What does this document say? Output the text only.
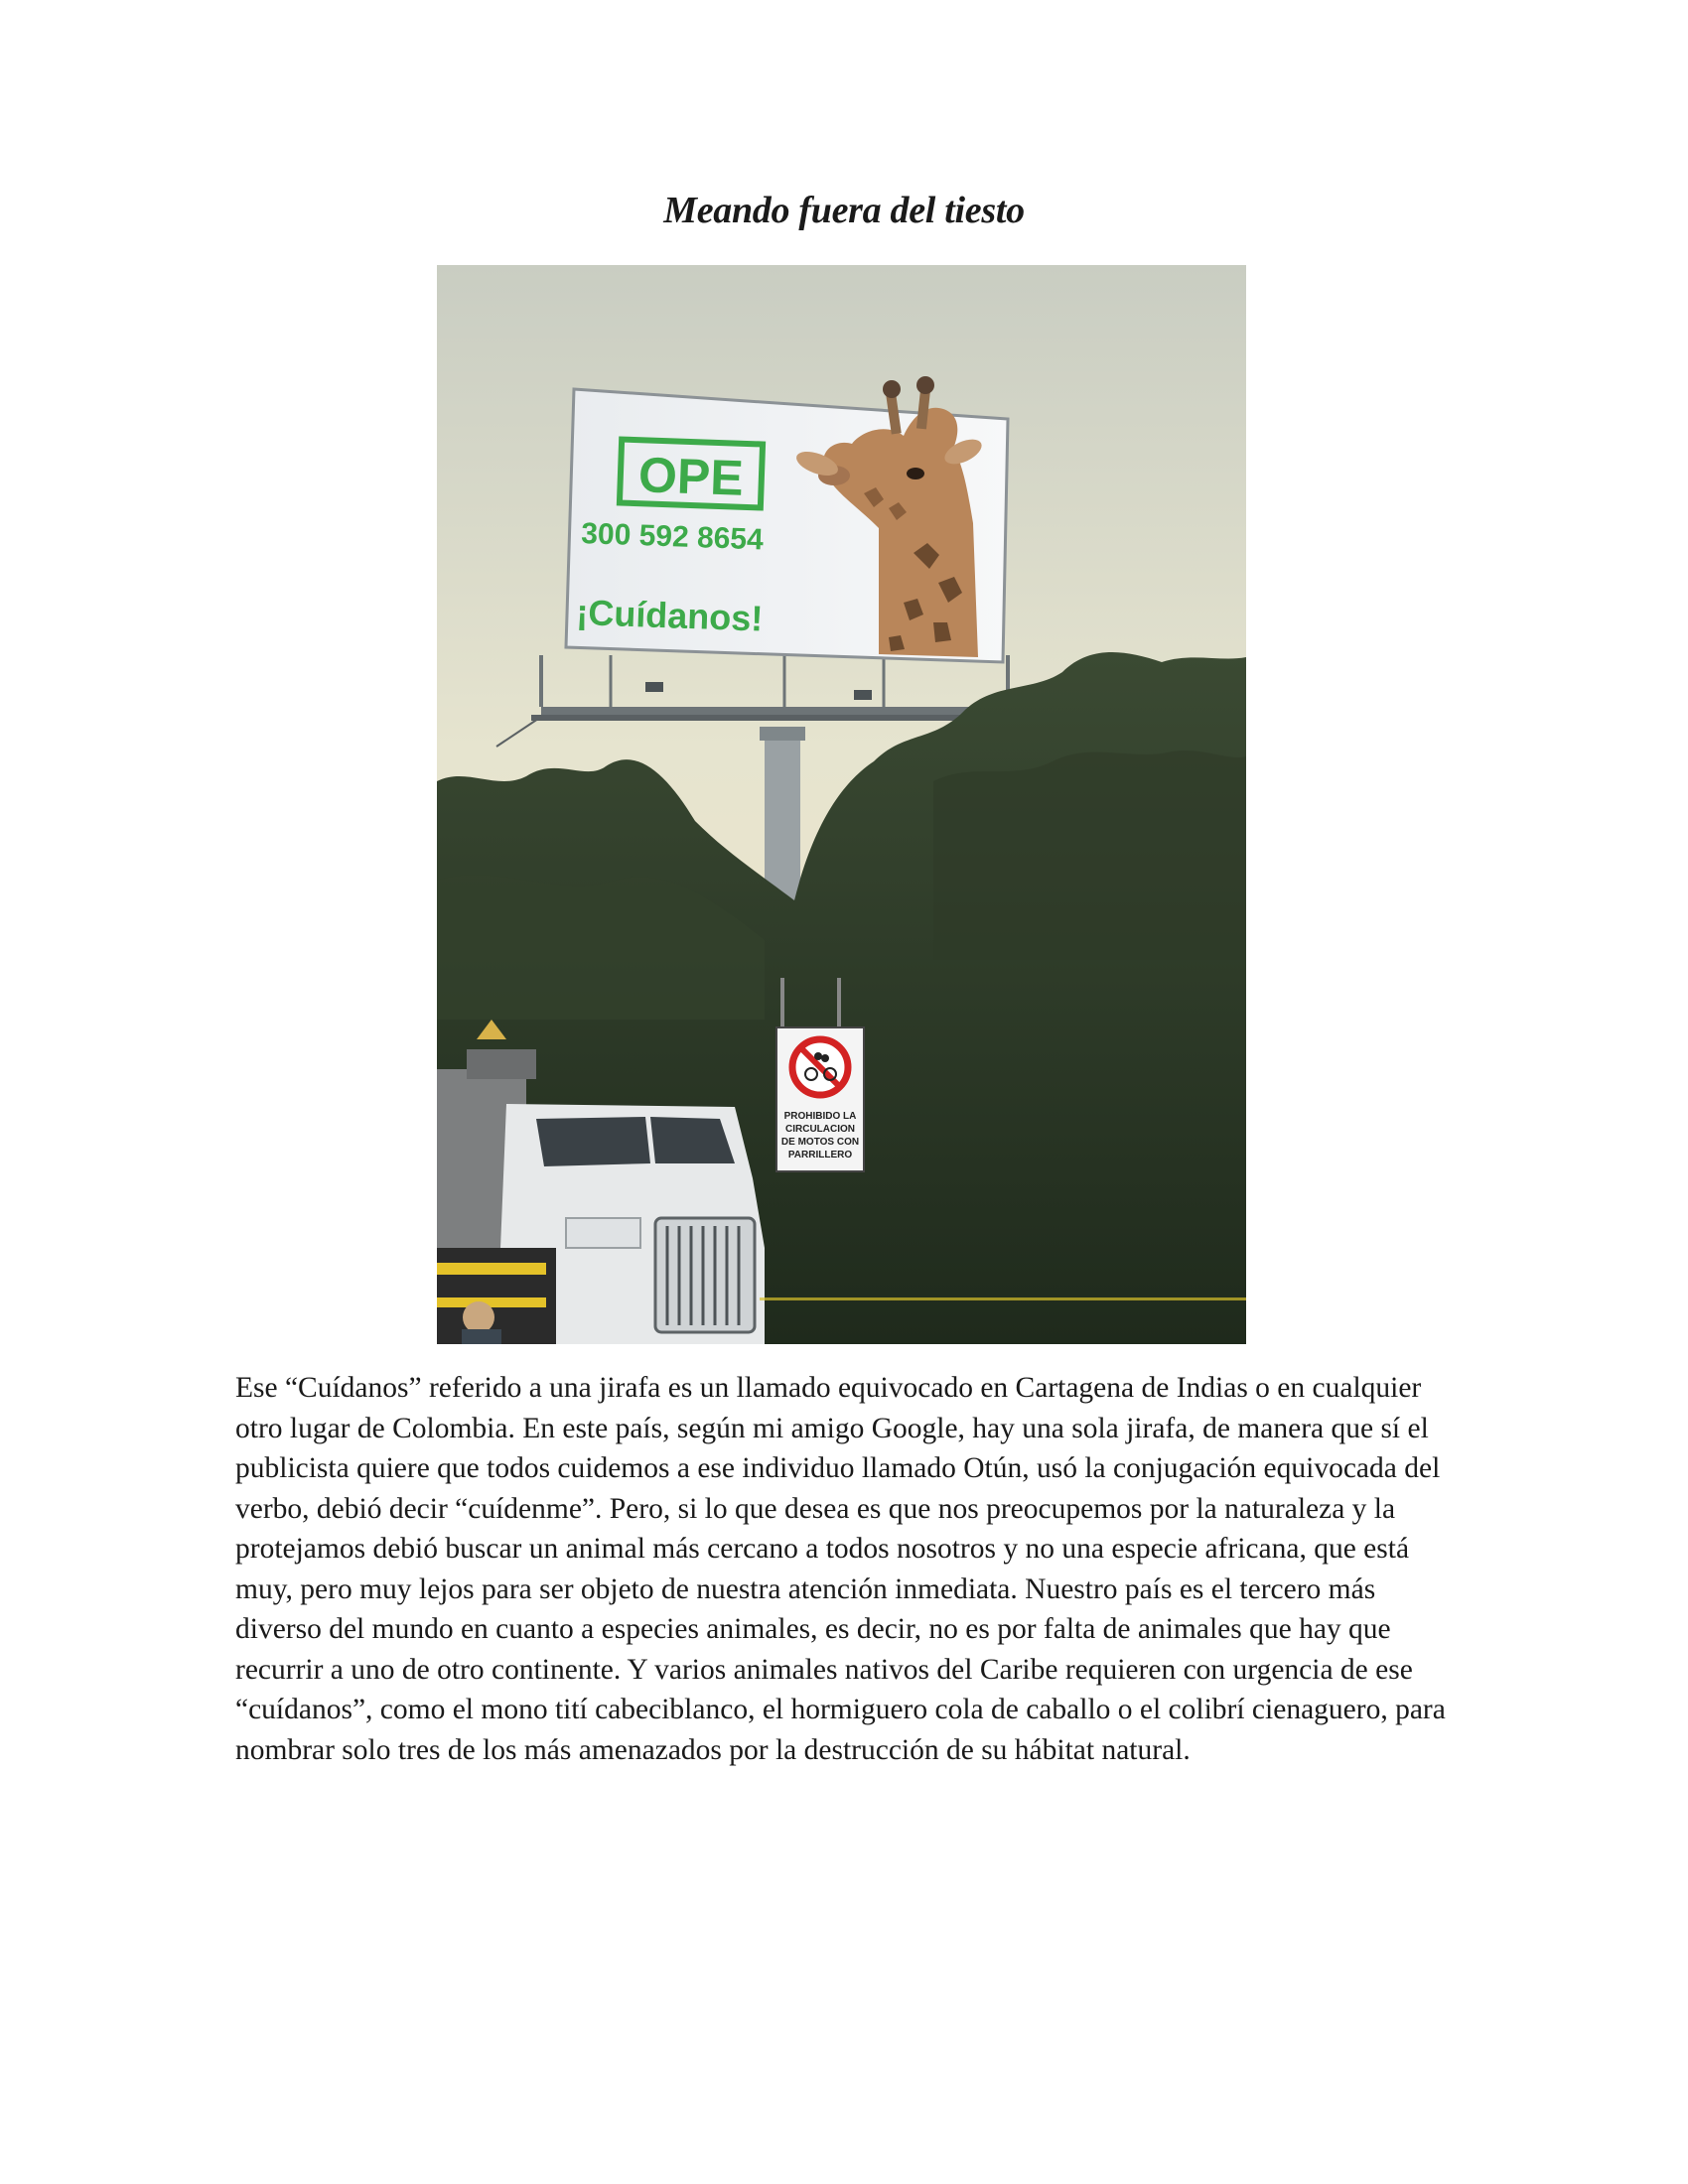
Meando fuera del tiesto
OPE
300 592 8654
¡Cuídanos!
PROHIBIDO LA
CIRCULACION
DE MOTOS CON
PARRILLERO

Ese “Cuídanos” referido a una jirafa es un llamado equivocado en Cartagena de Indias o en cualquier otro lugar de Colombia. En este país, según mi amigo Google, hay una sola jirafa, de manera que sí el publicista quiere que todos cuidemos a ese individuo llamado Otún, usó la conjugación equivocada del verbo, debió decir “cuídenme”. Pero, si lo que desea es que nos preocupemos por la naturaleza y la protejamos debió buscar un animal más cercano a todos nosotros y no una especie africana, que está muy, pero muy lejos para ser objeto de nuestra atención inmediata. Nuestro país es el tercero más diverso del mundo en cuanto a especies animales, es decir, no es por falta de animales que hay que recurrir a uno de otro continente. Y varios animales nativos del Caribe requieren con urgencia de ese “cuídanos”, como el mono tití cabeciblanco, el hormiguero cola de caballo o el colibrí cienaguero, para nombrar solo tres de los más amenazados por la destrucción de su hábitat natural.
